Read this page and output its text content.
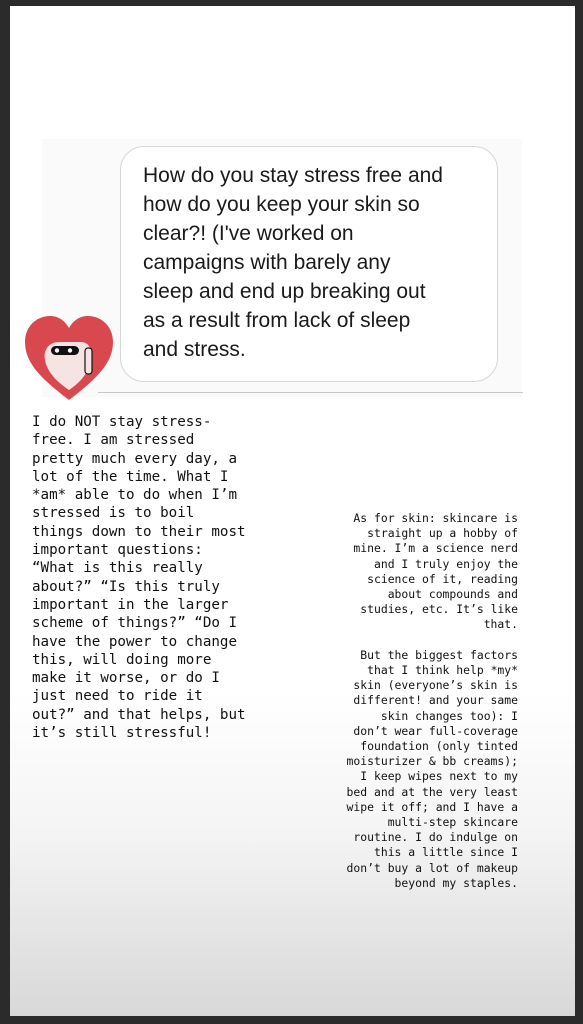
How do you stay stress free and
how do you keep your skin so
clear?! (I've worked on
campaigns with barely any
sleep and end up breaking out
as a result from lack of sleep
and stress.

I do NOT stay stress-
free. I am stressed
pretty much every day, a
lot of the time. What I
*am* able to do when I’m
stressed is to boil
things down to their most
important questions:
“What is this really
about?” “Is this truly
important in the larger
scheme of things?” “Do I
have the power to change
this, will doing more
make it worse, or do I
just need to ride it
out?” and that helps, but
it’s still stressful!
As for skin: skincare is
straight up a hobby of
mine. I’m a science nerd
and I truly enjoy the
science of it, reading
about compounds and
studies, etc. It’s like
that.

But the biggest factors
that I think help *my*
skin (everyone’s skin is
different! and your same
skin changes too): I
don’t wear full-coverage
foundation (only tinted
moisturizer & bb creams);
I keep wipes next to my
bed and at the very least
wipe it off; and I have a
multi-step skincare
routine. I do indulge on
this a little since I
don’t buy a lot of makeup
beyond my staples.
